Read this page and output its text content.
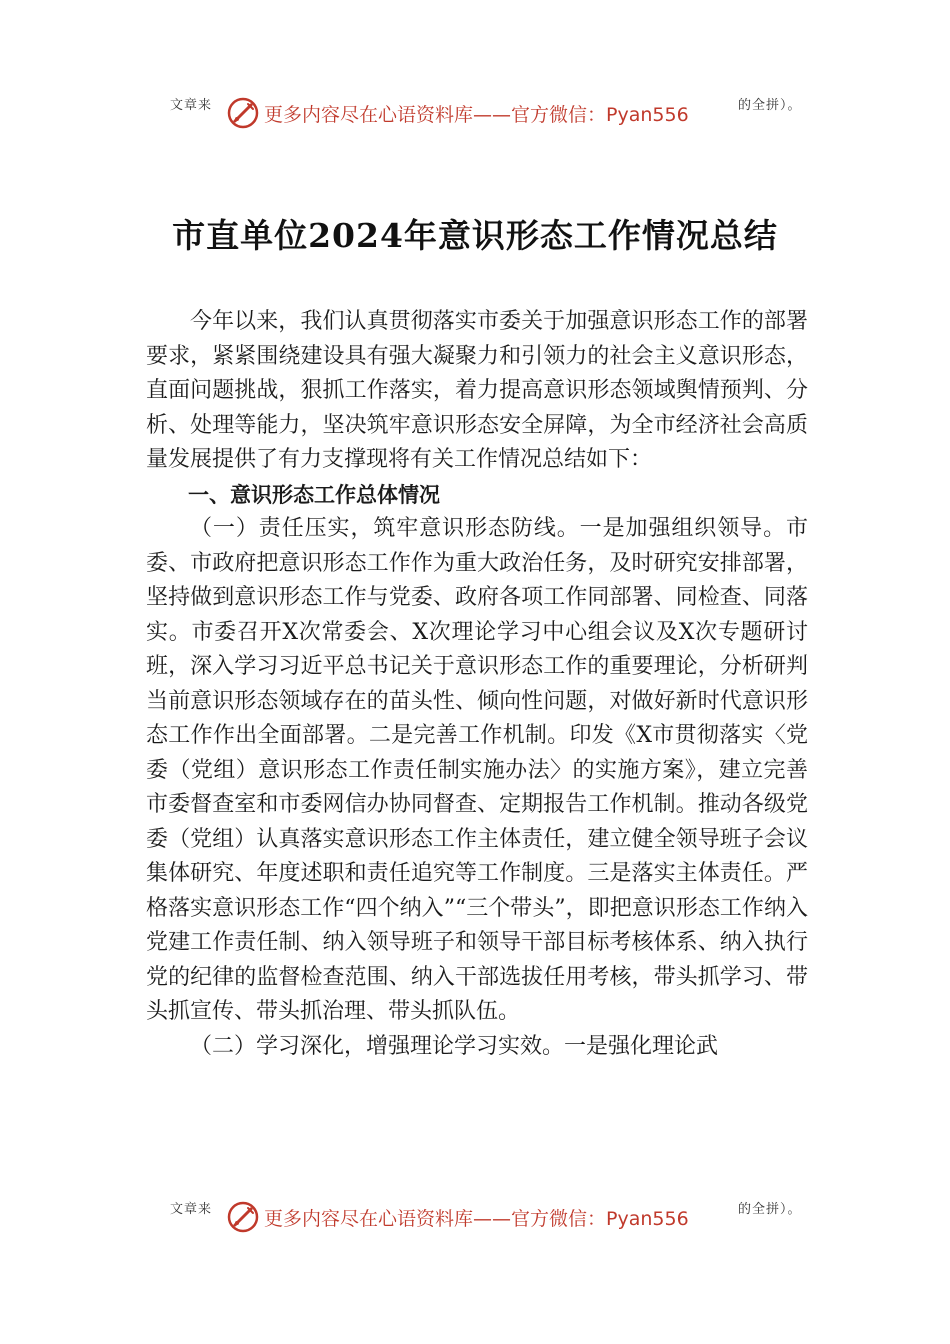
文章来	更多内容尽在心语资料库——官方微信：Pyan556	的全拼）。
市直单位2024年意识形态工作情况总结

今年以来，我们认真贯彻落实市委关于加强意识形态工作的部署要求，紧紧围绕建设具有强大凝聚力和引领力的社会主义意识形态，直面问题挑战，狠抓工作落实，着力提高意识形态领域舆情预判、分析、处理等能力，坚决筑牢意识形态安全屏障，为全市经济社会高质量发展提供了有力支撑现将有关工作情况总结如下：

一、意识形态工作总体情况

（一）责任压实，筑牢意识形态防线。一是加强组织领导。市委、市政府把意识形态工作作为重大政治任务，及时研究安排部署，坚持做到意识形态工作与党委、政府各项工作同部署、同检查、同落实。市委召开X次常委会、X次理论学习中心组会议及X次专题研讨班，深入学习习近平总书记关于意识形态工作的重要理论，分析研判当前意识形态领域存在的苗头性、倾向性问题，对做好新时代意识形态工作作出全面部署。二是完善工作机制。印发《X市贯彻落实〈党委（党组）意识形态工作责任制实施办法〉的实施方案》，建立完善市委督查室和市委网信办协同督查、定期报告工作机制。推动各级党委（党组）认真落实意识形态工作主体责任，建立健全领导班子会议集体研究、年度述职和责任追究等工作制度。三是落实主体责任。严格落实意识形态工作“四个纳入”“三个带头”，即把意识形态工作纳入党建工作责任制、纳入领导班子和领导干部目标考核体系、纳入执行党的纪律的监督检查范围、纳入干部选拔任用考核，带头抓学习、带头抓宣传、带头抓治理、带头抓队伍。

（二）学习深化，增强理论学习实效。一是强化理论武

文章来	更多内容尽在心语资料库——官方微信：Pyan556	的全拼）。
